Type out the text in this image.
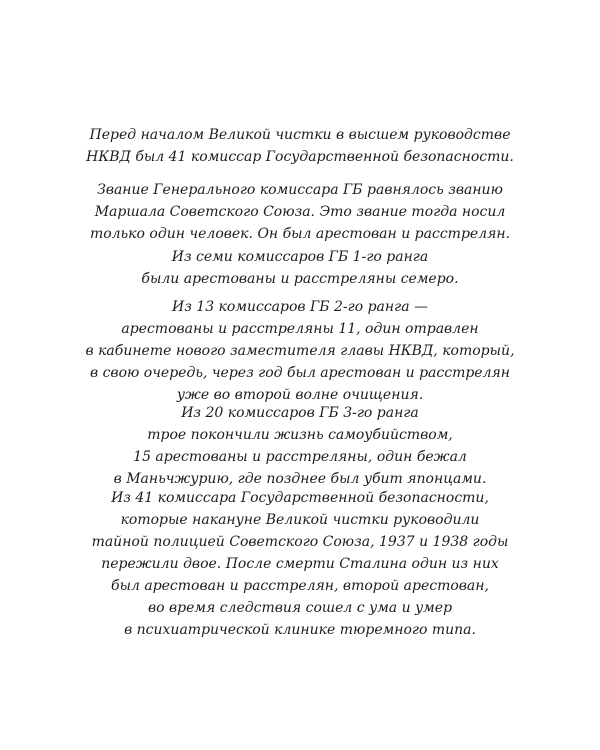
Перед началом Великой чистки в высшем руководстве
НКВД был 41 комиссар Государственной безопасности.

Звание Генерального комиссара ГБ равнялось званию
Маршала Советского Союза. Это звание тогда носил
только один человек. Он был арестован и расстрелян.

Из семи комиссаров ГБ 1-го ранга
были арестованы и расстреляны семеро.

Из 13 комиссаров ГБ 2-го ранга —
арестованы и расстреляны 11, один отравлен
в кабинете нового заместителя главы НКВД, который,
в свою очередь, через год был арестован и расстрелян
уже во второй волне очищения.

Из 20 комиссаров ГБ 3-го ранга
трое покончили жизнь самоубийством,
15 арестованы и расстреляны, один бежал
в Маньчжурию, где позднее был убит японцами.

Из 41 комиссара Государственной безопасности,
которые накануне Великой чистки руководили
тайной полицией Советского Союза, 1937 и 1938 годы
пережили двое. После смерти Сталина один из них
был арестован и расстрелян, второй арестован,
во время следствия сошел с ума и умер
в психиатрической клинике тюремного типа.
